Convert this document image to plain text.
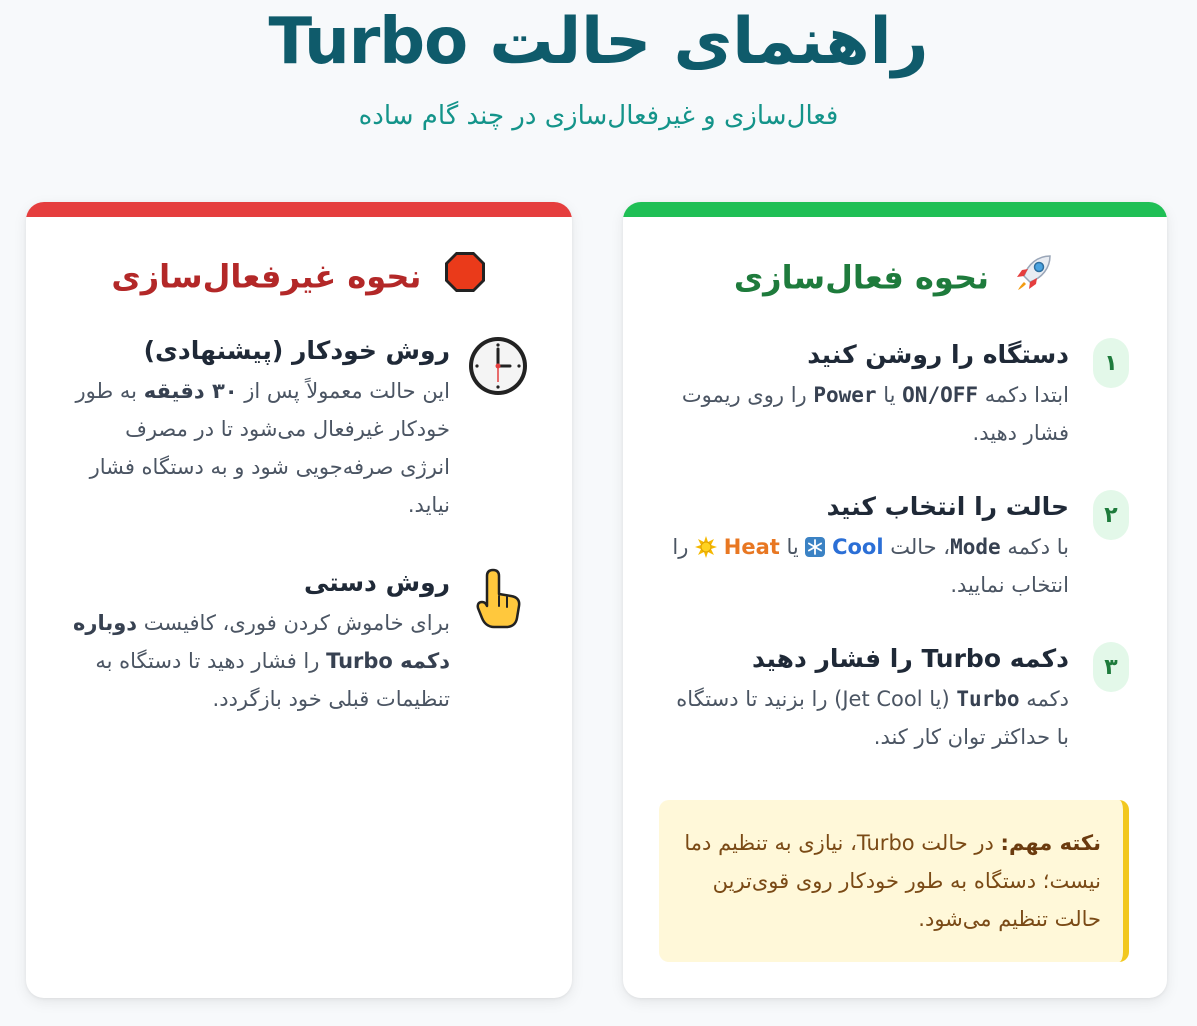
راهنمای حالت Turbo

فعال‌سازی و غیرفعال‌سازی در چند گام ساده

نحوه فعال‌سازی
۱
دستگاه را روشن کنید
ابتدا دکمه ON/OFF یا Power را روی ریموت فشار دهید.
۲
حالت را انتخاب کنید
با دکمه Mode، حالت Cool  یا Heat  را انتخاب نمایید.
۳
دکمه Turbo را فشار دهید
دکمه Turbo (یا Jet Cool) را بزنید تا دستگاه با حداکثر توان کار کند.
نکته مهم: در حالت Turbo، نیازی به تنظیم دما نیست؛ دستگاه به طور خودکار روی قوی‌ترین حالت تنظیم می‌شود.
نحوه غیرفعال‌سازی
روش خودکار (پیشنهادی)
این حالت معمولاً پس از ۳۰ دقیقه به طور خودکار غیرفعال می‌شود تا در مصرف انرژی صرفه‌جویی شود و به دستگاه فشار نیاید.
روش دستی
برای خاموش کردن فوری، کافیست دوباره دکمه Turbo را فشار دهید تا دستگاه به تنظیمات قبلی خود بازگردد.
